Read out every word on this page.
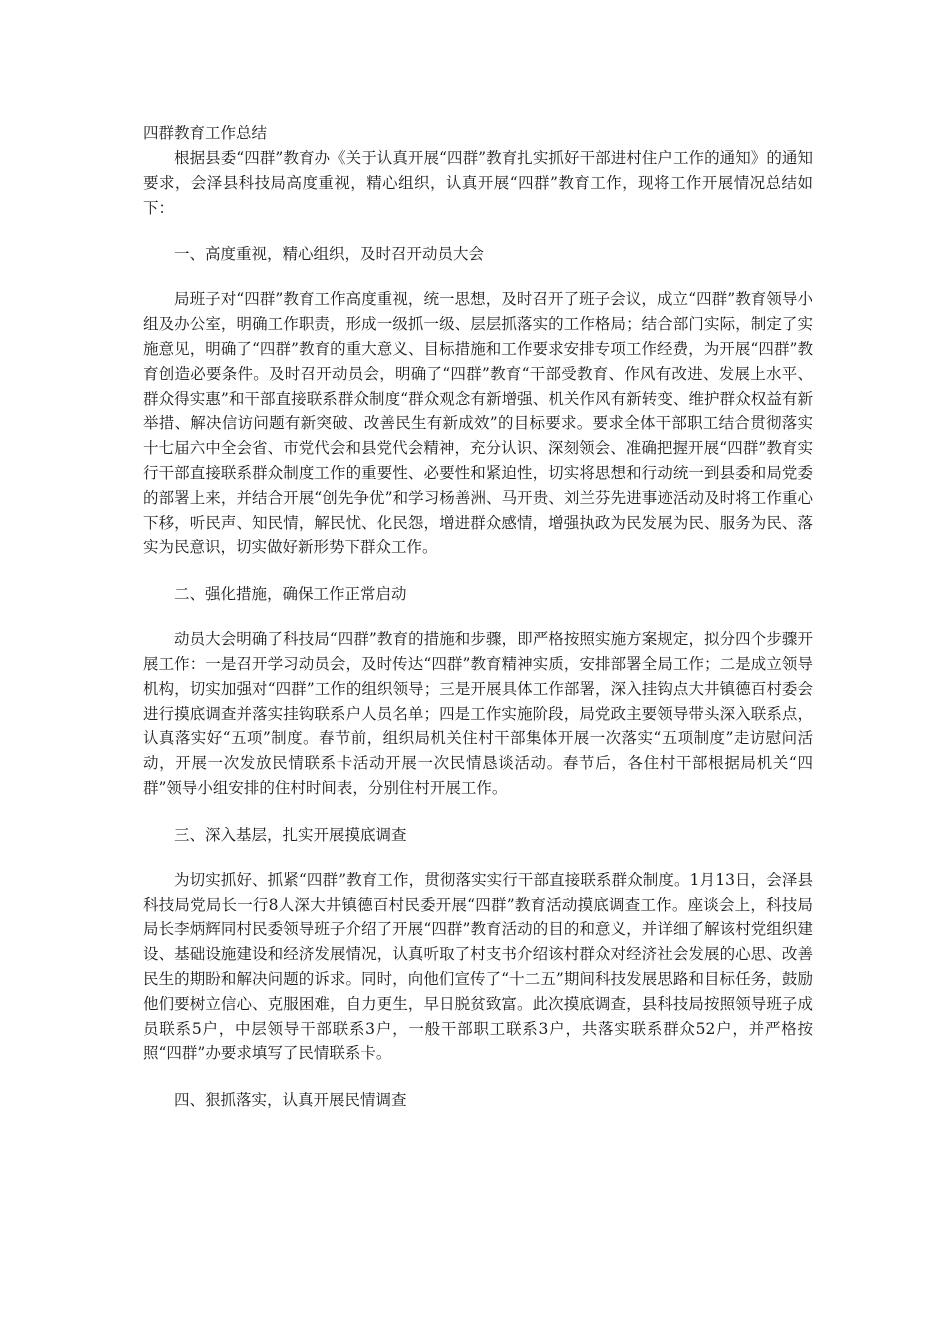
四群教育工作总结

根据县委“四群”教育办《关于认真开展“四群”教育扎实抓好干部进村住户工作的通知》的通知要求，会泽县科技局高度重视，精心组织，认真开展“四群”教育工作，现将工作开展情况总结如下：

一、高度重视，精心组织，及时召开动员大会

局班子对“四群”教育工作高度重视，统一思想，及时召开了班子会议，成立“四群”教育领导小组及办公室，明确工作职责，形成一级抓一级、层层抓落实的工作格局；结合部门实际，制定了实施意见，明确了“四群”教育的重大意义、目标措施和工作要求安排专项工作经费，为开展“四群”教育创造必要条件。及时召开动员会，明确了“四群”教育“干部受教育、作风有改进、发展上水平、群众得实惠”和干部直接联系群众制度“群众观念有新增强、机关作风有新转变、维护群众权益有新举措、解决信访问题有新突破、改善民生有新成效”的目标要求。要求全体干部职工结合贯彻落实十七届六中全会省、市党代会和县党代会精神，充分认识、深刻领会、准确把握开展“四群”教育实行干部直接联系群众制度工作的重要性、必要性和紧迫性，切实将思想和行动统一到县委和局党委的部署上来，并结合开展“创先争优”和学习杨善洲、马开贵、刘兰芬先进事迹活动及时将工作重心下移，听民声、知民情，解民忧、化民怨，增进群众感情，增强执政为民发展为民、服务为民、落实为民意识，切实做好新形势下群众工作。

二、强化措施，确保工作正常启动

动员大会明确了科技局“四群”教育的措施和步骤，即严格按照实施方案规定，拟分四个步骤开展工作：一是召开学习动员会，及时传达“四群”教育精神实质，安排部署全局工作；二是成立领导机构，切实加强对“四群”工作的组织领导；三是开展具体工作部署，深入挂钩点大井镇德百村委会进行摸底调查并落实挂钩联系户人员名单；四是工作实施阶段，局党政主要领导带头深入联系点，认真落实好“五项”制度。春节前，组织局机关住村干部集体开展一次落实“五项制度”走访慰问活动，开展一次发放民情联系卡活动开展一次民情恳谈活动。春节后，各住村干部根据局机关“四群”领导小组安排的住村时间表，分别住村开展工作。

三、深入基层，扎实开展摸底调查

为切实抓好、抓紧“四群”教育工作，贯彻落实实行干部直接联系群众制度。1月13日，会泽县科技局党局长一行8人深大井镇德百村民委开展“四群”教育活动摸底调查工作。座谈会上，科技局局长李炳辉同村民委领导班子介绍了开展“四群”教育活动的目的和意义，并详细了解该村党组织建设、基础设施建设和经济发展情况，认真听取了村支书介绍该村群众对经济社会发展的心思、改善民生的期盼和解决问题的诉求。同时，向他们宣传了“十二五”期间科技发展思路和目标任务，鼓励他们要树立信心、克服困难，自力更生，早日脱贫致富。此次摸底调查，县科技局按照领导班子成员联系5户，中层领导干部联系3户，一般干部职工联系3户，共落实联系群众52户，并严格按照“四群”办要求填写了民情联系卡。

四、狠抓落实，认真开展民情调查
